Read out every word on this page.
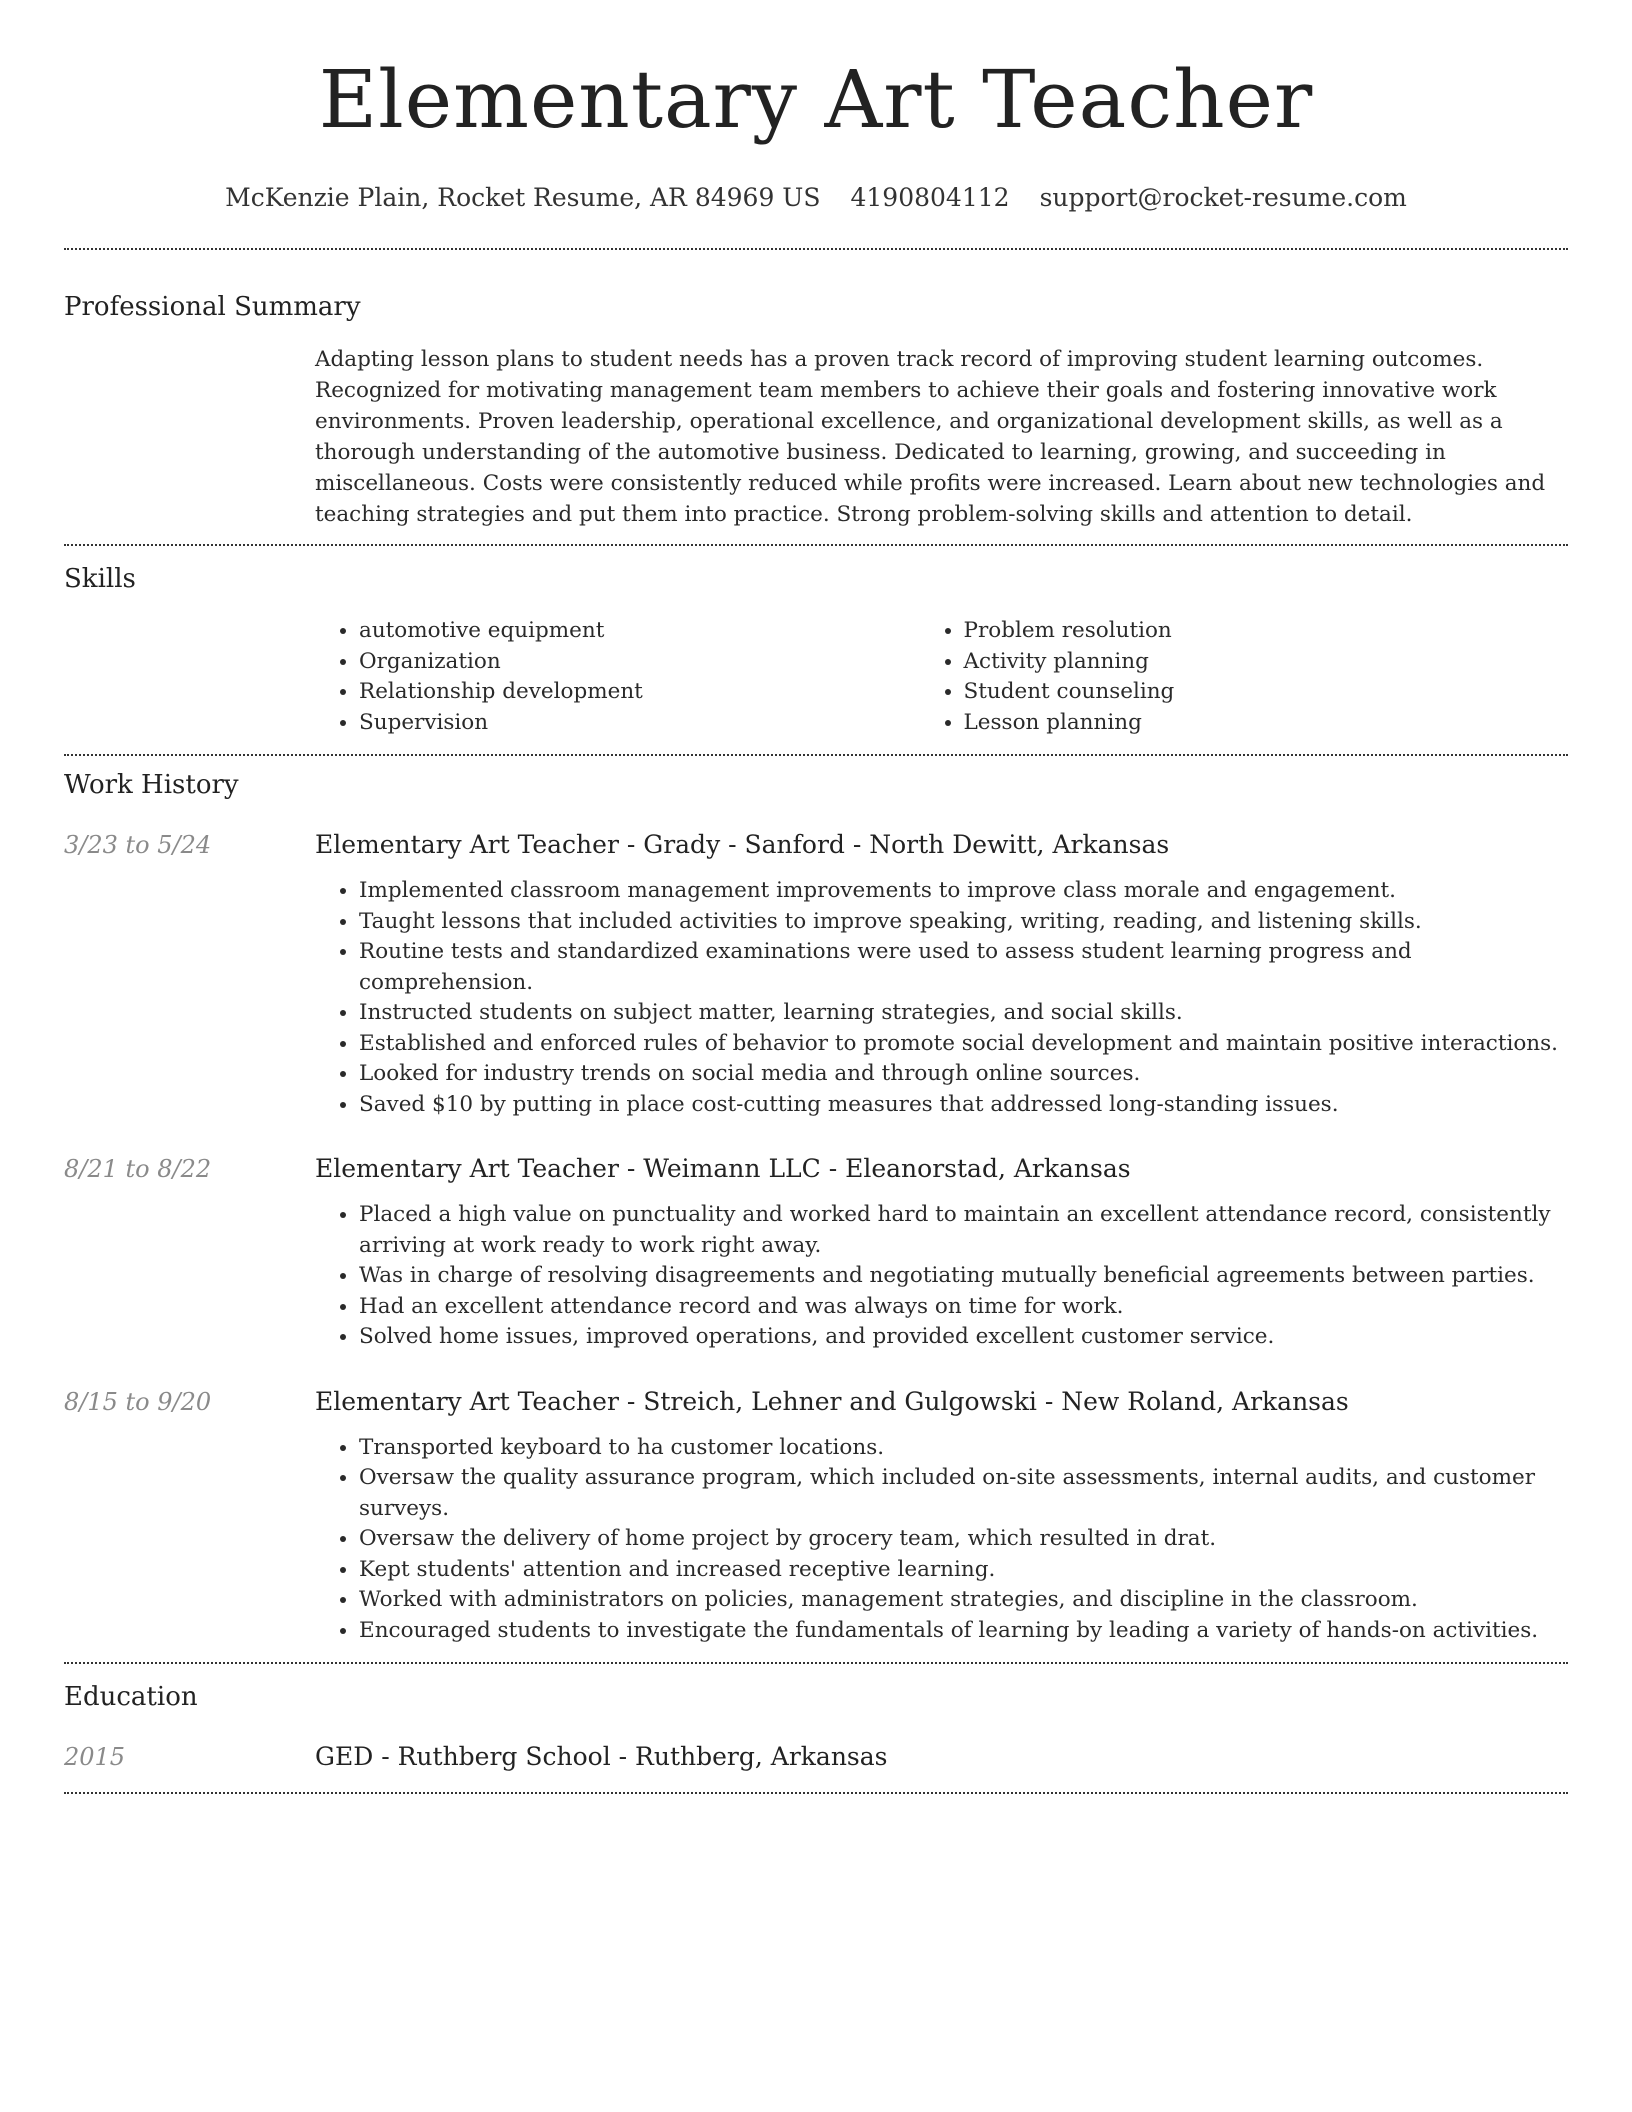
Elementary Art Teacher
McKenzie Plain, Rocket Resume, AR 84969 US 4190804112 support@rocket-resume.com
Professional Summary
Adapting lesson plans to student needs has a proven track record of improving student learning outcomes. Recognized for motivating management team members to achieve their goals and fostering innovative work environments. Proven leadership, operational excellence, and organizational development skills, as well as a thorough understanding of the automotive business. Dedicated to learning, growing, and succeeding in miscellaneous. Costs were consistently reduced while profits were increased. Learn about new technologies and teaching strategies and put them into practice. Strong problem-solving skills and attention to detail.
Skills
• automotive equipment
• Organization
• Relationship development
• Supervision
• Problem resolution
• Activity planning
• Student counseling
• Lesson planning
Work History
3/23 to 5/24	Elementary Art Teacher - Grady - Sanford - North Dewitt, Arkansas
• Implemented classroom management improvements to improve class morale and engagement.
• Taught lessons that included activities to improve speaking, writing, reading, and listening skills.
• Routine tests and standardized examinations were used to assess student learning progress and comprehension.
• Instructed students on subject matter, learning strategies, and social skills.
• Established and enforced rules of behavior to promote social development and maintain positive interactions.
• Looked for industry trends on social media and through online sources.
• Saved $10 by putting in place cost-cutting measures that addressed long-standing issues.
8/21 to 8/22	Elementary Art Teacher - Weimann LLC - Eleanorstad, Arkansas
• Placed a high value on punctuality and worked hard to maintain an excellent attendance record, consistently arriving at work ready to work right away.
• Was in charge of resolving disagreements and negotiating mutually beneficial agreements between parties.
• Had an excellent attendance record and was always on time for work.
• Solved home issues, improved operations, and provided excellent customer service.
8/15 to 9/20	Elementary Art Teacher - Streich, Lehner and Gulgowski - New Roland, Arkansas
• Transported keyboard to ha customer locations.
• Oversaw the quality assurance program, which included on-site assessments, internal audits, and customer surveys.
• Oversaw the delivery of home project by grocery team, which resulted in drat.
• Kept students' attention and increased receptive learning.
• Worked with administrators on policies, management strategies, and discipline in the classroom.
• Encouraged students to investigate the fundamentals of learning by leading a variety of hands-on activities.
Education
2015	GED - Ruthberg School - Ruthberg, Arkansas
